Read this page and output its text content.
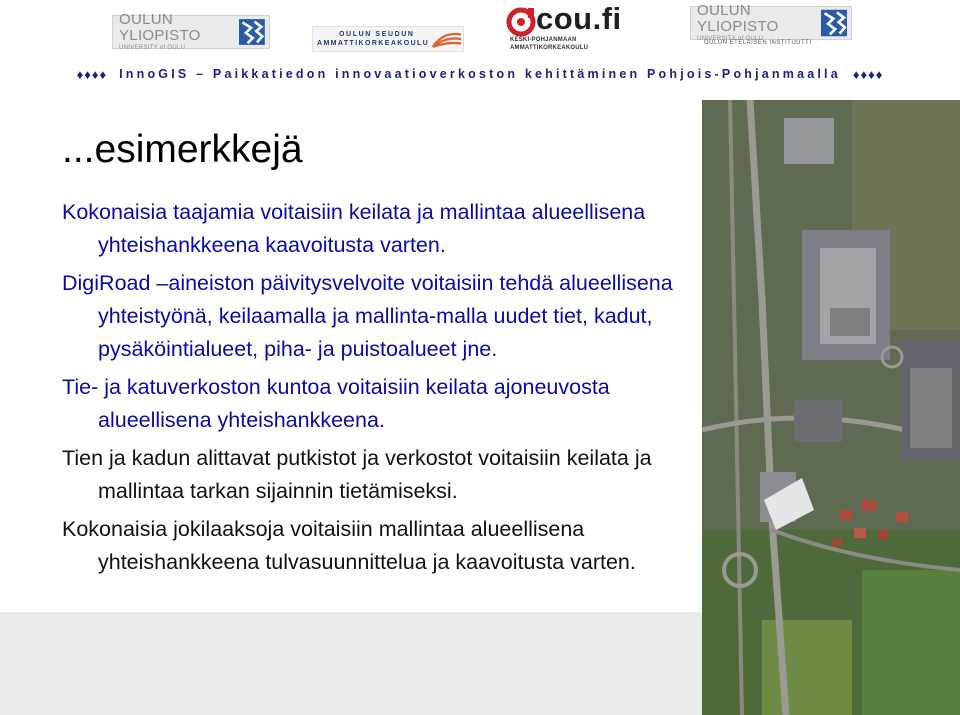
OULUN YLIOPISTO
UNIVERSITY of OULU
OULUN SEUDUN
AMMATTIKORKEAKOULU
cou.fi
KESKI-POHJANMAAN AMMATTIKORKEAKOULU
OULUN YLIOPISTO
UNIVERSITY of OULU
OULUN ETELÄISEN INSTITUUTTI
♦♦♦♦ InnoGIS – Paikkatiedon innovaatioverkoston kehittäminen Pohjois-Pohjanmaalla ♦♦♦♦
...esimerkkejä
Kokonaisia taajamia voitaisiin keilata ja mallintaa alueellisena yhteishankkeena kaavoitusta varten.
DigiRoad –aineiston päivitysvelvoite voitaisiin tehdä alueellisena yhteistyönä, keilaamalla ja mallinta-malla uudet tiet, kadut, pysäköintialueet, piha- ja puistoalueet jne.
Tie- ja katuverkoston kuntoa voitaisiin keilata ajoneuvosta alueellisena yhteishankkeena.
Tien ja kadun alittavat putkistot ja verkostot voitaisiin keilata ja mallintaa tarkan sijainnin tietämiseksi.
Kokonaisia jokilaaksoja voitaisiin mallintaa alueellisena yhteishankkeena tulvasuunnittelua ja kaavoitusta varten.
